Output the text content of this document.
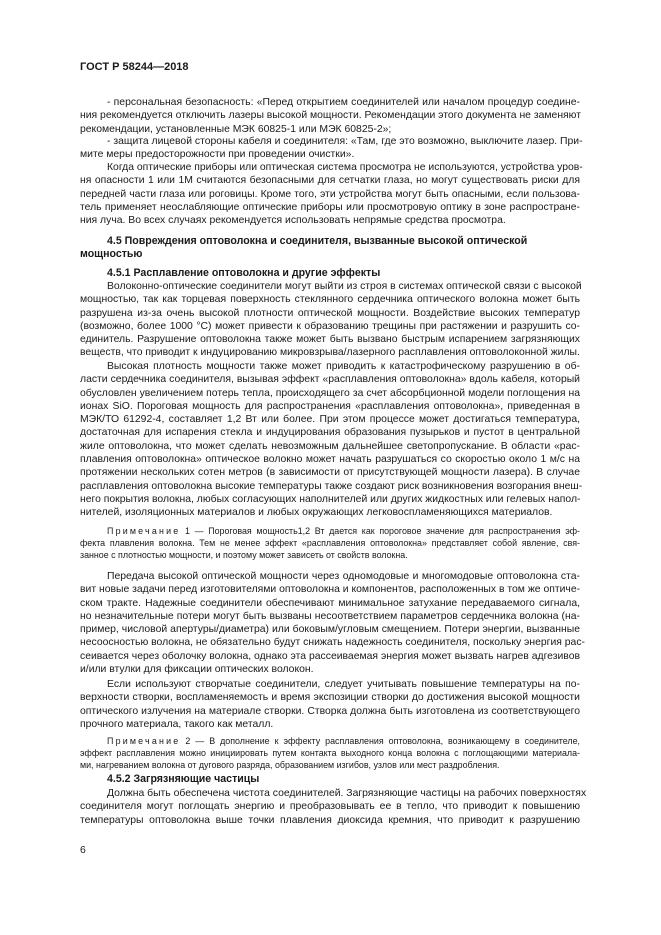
ГОСТ Р 58244—2018
- персональная безопасность: «Перед открытием соединителей или началом процедур соедине-
ния рекомендуется отключить лазеры высокой мощности. Рекомендации этого документа не заменяют
рекомендации, установленные МЭК 60825-1 или МЭК 60825-2»;
- защита лицевой стороны кабеля и соединителя: «Там, где это возможно, выключите лазер. При-
мите меры предосторожности при проведении очистки».
Когда оптические приборы или оптическая система просмотра не используются, устройства уров-
ня опасности 1 или 1М считаются безопасными для сетчатки глаза, но могут существовать риски для
передней части глаза или роговицы. Кроме того, эти устройства могут быть опасными, если пользова-
тель применяет неослабляющие оптические приборы или просмотровую оптику в зоне распростране-
ния луча. Во всех случаях рекомендуется использовать непрямые средства просмотра.
4.5 Повреждения оптоволокна и соединителя, вызванные высокой оптической
мощностью
4.5.1 Расплавление оптоволокна и другие эффекты
Волоконно-оптические соединители могут выйти из строя в системах оптической связи с высокой
мощностью, так как торцевая поверхность стеклянного сердечника оптического волокна может быть
разрушена из-за очень высокой плотности оптической мощности. Воздействие высоких температур
(возможно, более 1000 °C) может привести к образованию трещины при растяжении и разрушить со-
единитель. Разрушение оптоволокна также может быть вызвано быстрым испарением загрязняющих
веществ, что приводит к индуцированию микровзрыва/лазерного расплавления оптоволоконной жилы.
Высокая плотность мощности также может приводить к катастрофическому разрушению в об-
ласти сердечника соединителя, вызывая эффект «расплавления оптоволокна» вдоль кабеля, который
обусловлен увеличением потерь тепла, происходящего за счет абсорбционной модели поглощения на
ионах SiO. Пороговая мощность для распространения «расплавления оптоволокна», приведенная в
МЭК/ТО 61292-4, составляет 1,2 Вт или более. При этом процессе может достигаться температура,
достаточная для испарения стекла и индуцирования образования пузырьков и пустот в центральной
жиле оптоволокна, что может сделать невозможным дальнейшее светопропускание. В области «рас-
плавления оптоволокна» оптическое волокно может начать разрушаться со скоростью около 1 м/с на
протяжении нескольких сотен метров (в зависимости от присутствующей мощности лазера). В случае
расплавления оптоволокна высокие температуры также создают риск возникновения возгорания внеш-
него покрытия волокна, любых согласующих наполнителей или других жидкостных или гелевых напол-
нителей, изоляционных материалов и любых окружающих легковоспламеняющихся материалов.
Примечание 1 — Пороговая мощность1,2 Вт дается как пороговое значение для распространения эф-
фекта плавления волокна. Тем не менее эффект «расплавления оптоволокна» представляет собой явление, свя-
занное с плотностью мощности, и поэтому может зависеть от свойств волокна.
Передача высокой оптической мощности через одномодовые и многомодовые оптоволокна ста-
вит новые задачи перед изготовителями оптоволокна и компонентов, расположенных в том же оптиче-
ском тракте. Надежные соединители обеспечивают минимальное затухание передаваемого сигнала,
но незначительные потери могут быть вызваны несоответствием параметров сердечника волокна (на-
пример, числовой апертуры/диаметра) или боковым/угловым смещением. Потери энергии, вызванные
несоосностью волокна, не обязательно будут снижать надежность соединителя, поскольку энергия рас-
сеивается через оболочку волокна, однако эта рассеиваемая энергия может вызвать нагрев адгезивов
и/или втулки для фиксации оптических волокон.
Если используют створчатые соединители, следует учитывать повышение температуры на по-
верхности створки, воспламеняемость и время экспозиции створки до достижения высокой мощности
оптического излучения на материале створки. Створка должна быть изготовлена из соответствующего
прочного материала, такого как металл.
Примечание 2 — В дополнение к эффекту расплавления оптоволокна, возникающему в соединителе,
эффект расплавления можно инициировать путем контакта выходного конца волокна с поглощающими материала-
ми, нагреванием волокна от дугового разряда, образованием изгибов, узлов или мест раздробления.
4.5.2 Загрязняющие частицы
Должна быть обеспечена чистота соединителей. Загрязняющие частицы на рабочих поверхностях
соединителя могут поглощать энергию и преобразовывать ее в тепло, что приводит к повышению
температуры оптоволокна выше точки плавления диоксида кремния, что приводит к разрушению
6
